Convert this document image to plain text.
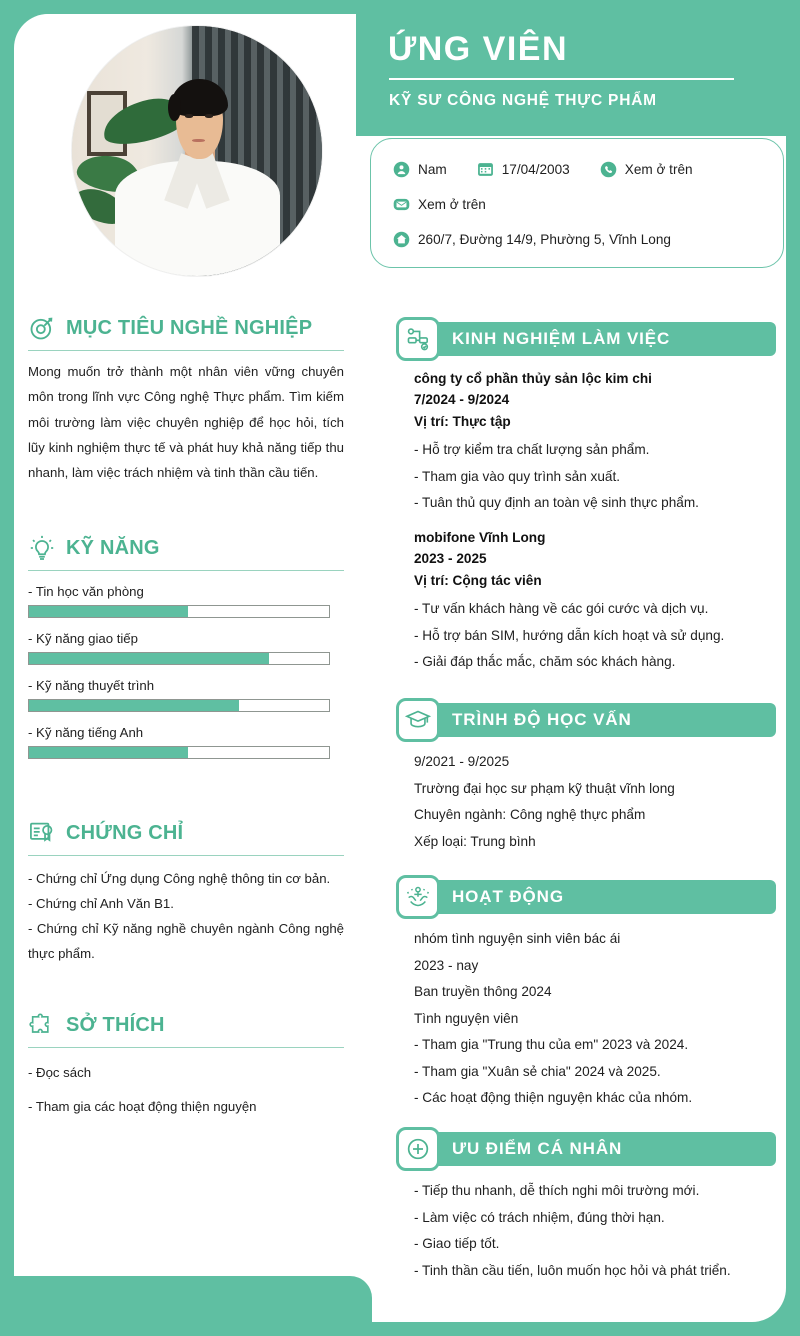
MỤC TIÊU NGHỀ NGHIỆP
Mong muốn trở thành một nhân viên vững chuyên môn trong lĩnh vực Công nghệ Thực phẩm. Tìm kiếm môi trường làm việc chuyên nghiệp để học hỏi, tích lũy kinh nghiệm thực tế và phát huy khả năng tiếp thu nhanh, làm việc trách nhiệm và tinh thần cầu tiến.
KỸ NĂNG
- Tin học văn phòng
- Kỹ năng giao tiếp
- Kỹ năng thuyết trình
- Kỹ năng tiếng Anh
CHỨNG CHỈ
- Chứng chỉ Ứng dụng Công nghệ thông tin cơ bản.
- Chứng chỉ Anh Văn B1.
- Chứng chỉ Kỹ năng nghề chuyên ngành Công nghệ thực phẩm.
SỞ THÍCH
- Đọc sách
- Tham gia các hoạt động thiện nguyện
ỨNG VIÊN
KỸ SƯ CÔNG NGHỆ THỰC PHẨM
Nam	17/04/2003	Xem ở trên
Xem ở trên
260/7, Đường 14/9, Phường 5, Vĩnh Long
KINH NGHIỆM LÀM VIỆC
công ty cổ phần thủy sản lộc kim chi
7/2024 - 9/2024
Vị trí: Thực tập
- Hỗ trợ kiểm tra chất lượng sản phẩm.
- Tham gia vào quy trình sản xuất.
- Tuân thủ quy định an toàn vệ sinh thực phẩm.
mobifone Vĩnh Long
2023 - 2025
Vị trí: Cộng tác viên
- Tư vấn khách hàng về các gói cước và dịch vụ.
- Hỗ trợ bán SIM, hướng dẫn kích hoạt và sử dụng.
- Giải đáp thắc mắc, chăm sóc khách hàng.
TRÌNH ĐỘ HỌC VẤN
9/2021 - 9/2025
Trường đại học sư phạm kỹ thuật vĩnh long
Chuyên ngành: Công nghệ thực phẩm
Xếp loại: Trung bình
HOẠT ĐỘNG
nhóm tình nguyện sinh viên bác ái
2023 - nay
Ban truyền thông 2024
Tình nguyện viên
- Tham gia "Trung thu của em" 2023 và 2024.
- Tham gia "Xuân sẻ chia" 2024 và 2025.
- Các hoạt động thiện nguyện khác của nhóm.
ƯU ĐIỂM CÁ NHÂN
- Tiếp thu nhanh, dễ thích nghi môi trường mới.
- Làm việc có trách nhiệm, đúng thời hạn.
- Giao tiếp tốt.
- Tinh thần cầu tiến, luôn muốn học hỏi và phát triển.
